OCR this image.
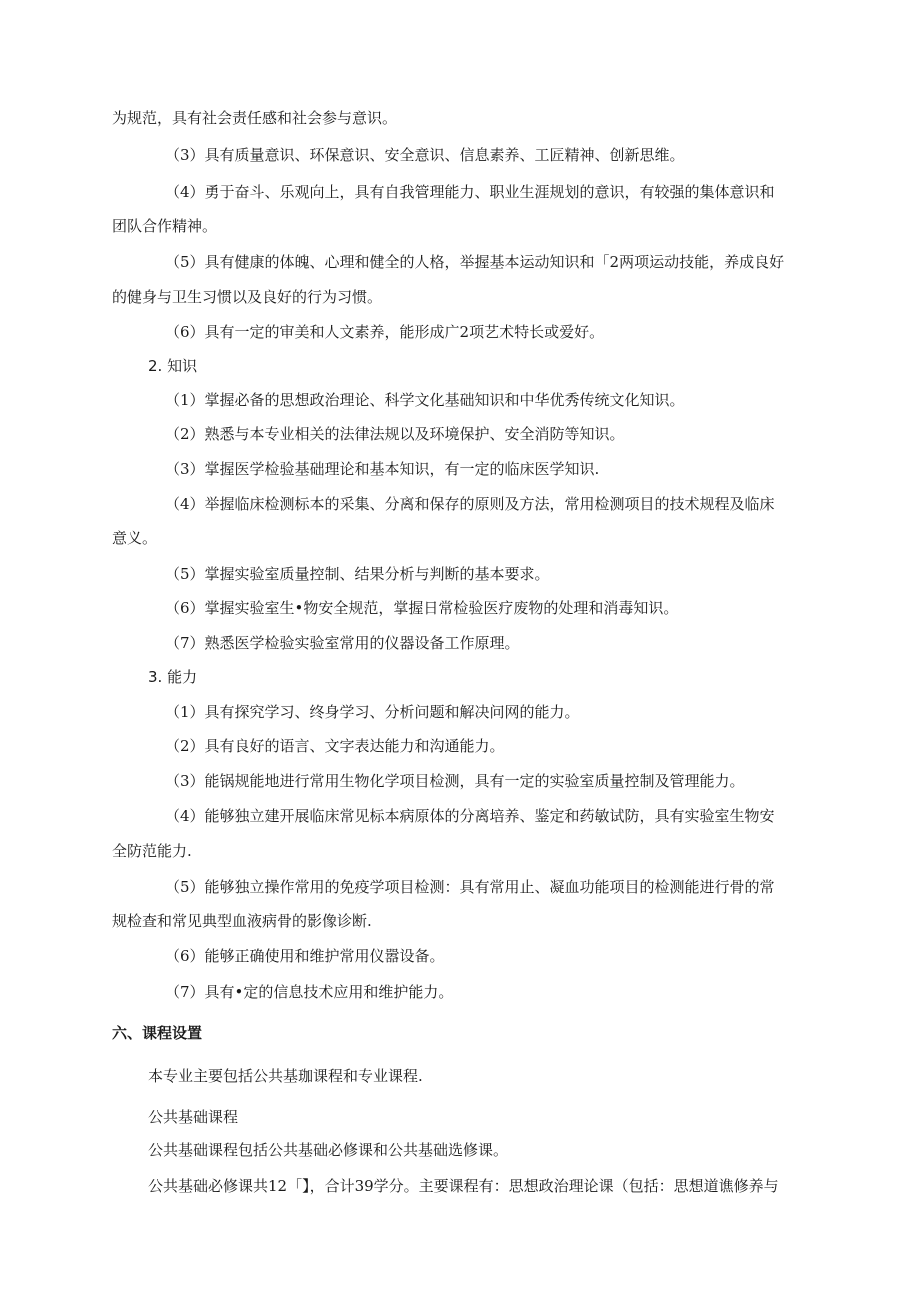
为规范，具有社会责任感和社会参与意识。
（3）具有质量意识、环保意识、安全意识、信息素养、工匠精神、创新思维。
（4）勇于奋斗、乐观向上，具有自我管理能力、职业生涯规划的意识，有较强的集体意识和
团队合作精神。
（5）具有健康的体魄、心理和健全的人格，举握基本运动知识和「2两项运动技能，养成良好
的健身与卫生习惯以及良好的行为习惯。
（6）具有一定的审美和人文素养，能形成广2项艺术特长或爱好。
2. 知识
（1）掌握必备的思想政治理论、科学文化基础知识和中华优秀传统文化知识。
（2）熟悉与本专业相关的法律法规以及环境保护、安全消防等知识。
（3）掌握医学检验基础理论和基本知识，有一定的临床医学知识.
（4）举握临床检测标本的采集、分离和保存的原则及方法，常用检测项目的技术规程及临床
意义。
（5）掌握实验室质量控制、结果分析与判断的基本要求。
（6）掌握实验室生•物安全规范，掌握日常检验医疗废物的处理和消毒知识。
（7）熟悉医学检验实验室常用的仪器设备工作原理。
3. 能力
（1）具有探究学习、终身学习、分析问题和解决问网的能力。
（2）具有良好的语言、文字表达能力和沟通能力。
（3）能锅规能地进行常用生物化学项目检测，具有一定的实验室质量控制及管理能力。
（4）能够独立建开展临床常见标本病原体的分离培养、鉴定和药敏试防，具有实验室生物安
全防范能力.
（5）能够独立操作常用的免疫学项目检测：具有常用止、凝血功能项目的检测能进行骨的常
规检查和常见典型血液病骨的影像诊断.
（6）能够正确使用和维护常用仪嚣设备。
（7）具有•定的信息技术应用和维护能力。
六、课程设置
本专业主要包括公共基珈课程和专业课程.
公共基础课程
公共基础课程包括公共基础必修课和公共基础选修课。
公共基础必修课共12「】，合计39学分。主要课程有：思想政治理论课（包括：思想道谯修养与
